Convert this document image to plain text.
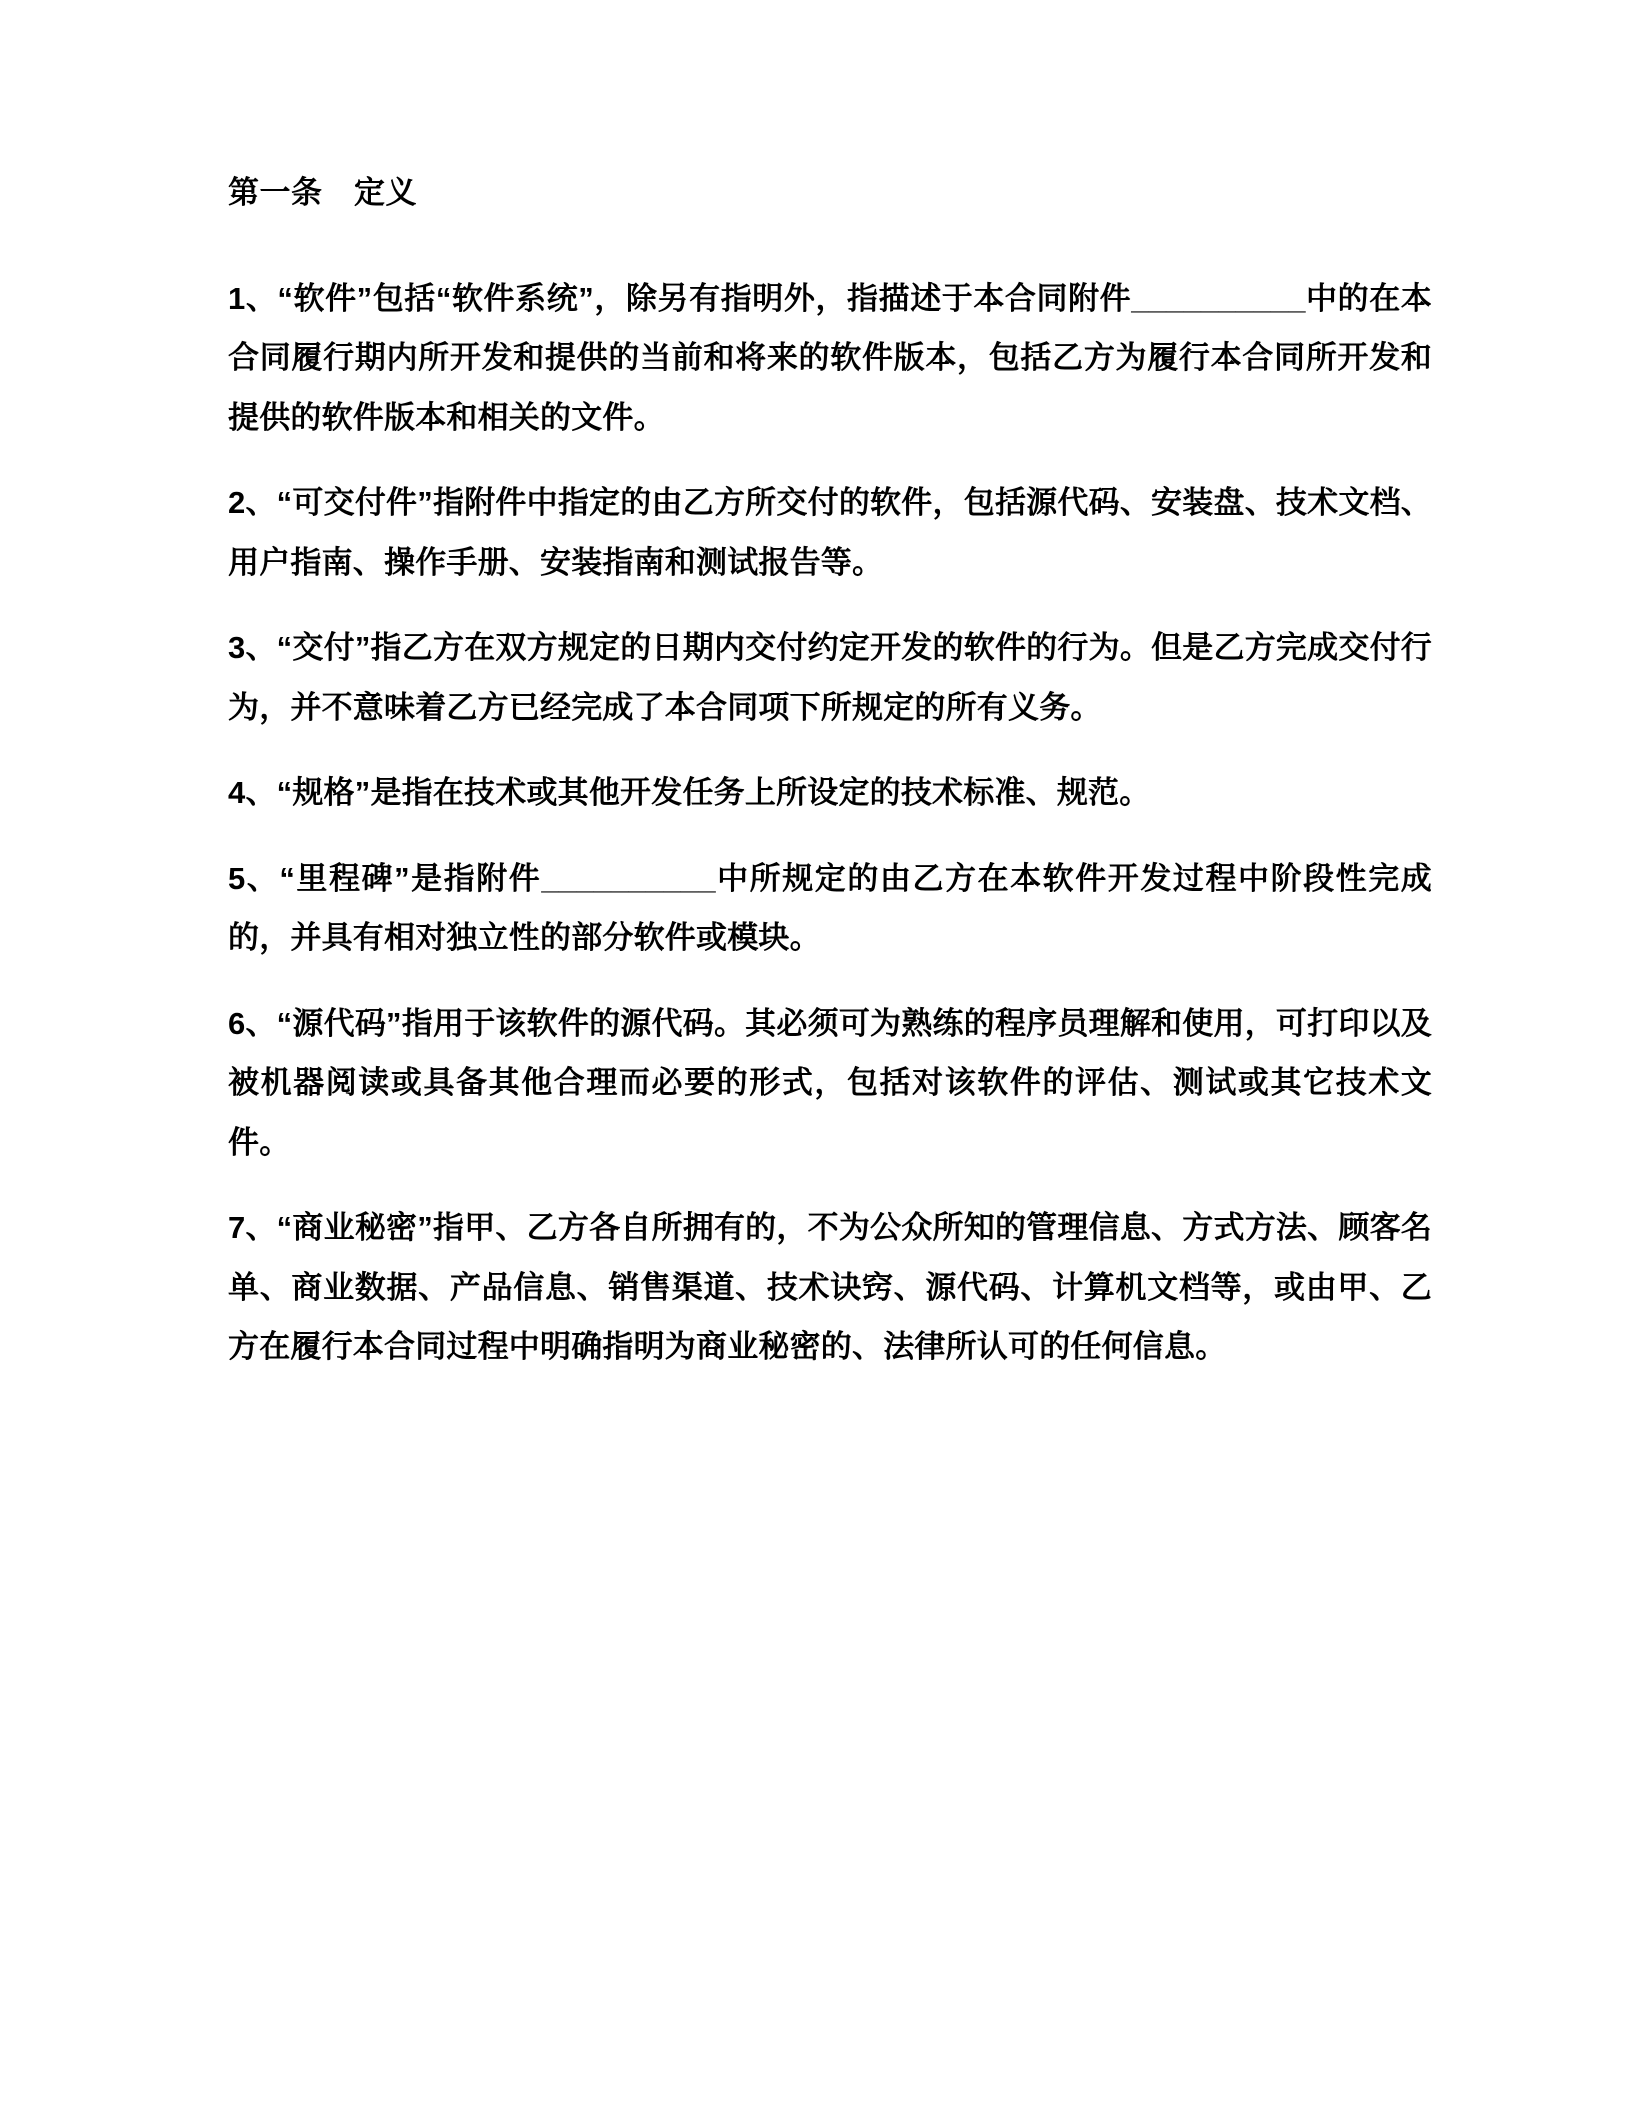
第一条　定义

1、“软件”包括“软件系统”，除另有指明外，指描述于本合同附件__________中的在本合同履行期内所开发和提供的当前和将来的软件版本，包括乙方为履行本合同所开发和提供的软件版本和相关的文件。

2、“可交付件”指附件中指定的由乙方所交付的软件，包括源代码、安装盘、技术文档、用户指南、操作手册、安装指南和测试报告等。

3、“交付”指乙方在双方规定的日期内交付约定开发的软件的行为。但是乙方完成交付行为，并不意味着乙方已经完成了本合同项下所规定的所有义务。

4、“规格”是指在技术或其他开发任务上所设定的技术标准、规范。

5、“里程碑”是指附件__________中所规定的由乙方在本软件开发过程中阶段性完成的，并具有相对独立性的部分软件或模块。

6、“源代码”指用于该软件的源代码。其必须可为熟练的程序员理解和使用，可打印以及被机器阅读或具备其他合理而必要的形式，包括对该软件的评估、测试或其它技术文件。

7、“商业秘密”指甲、乙方各自所拥有的，不为公众所知的管理信息、方式方法、顾客名单、商业数据、产品信息、销售渠道、技术诀窍、源代码、计算机文档等，或由甲、乙方在履行本合同过程中明确指明为商业秘密的、法律所认可的任何信息。
